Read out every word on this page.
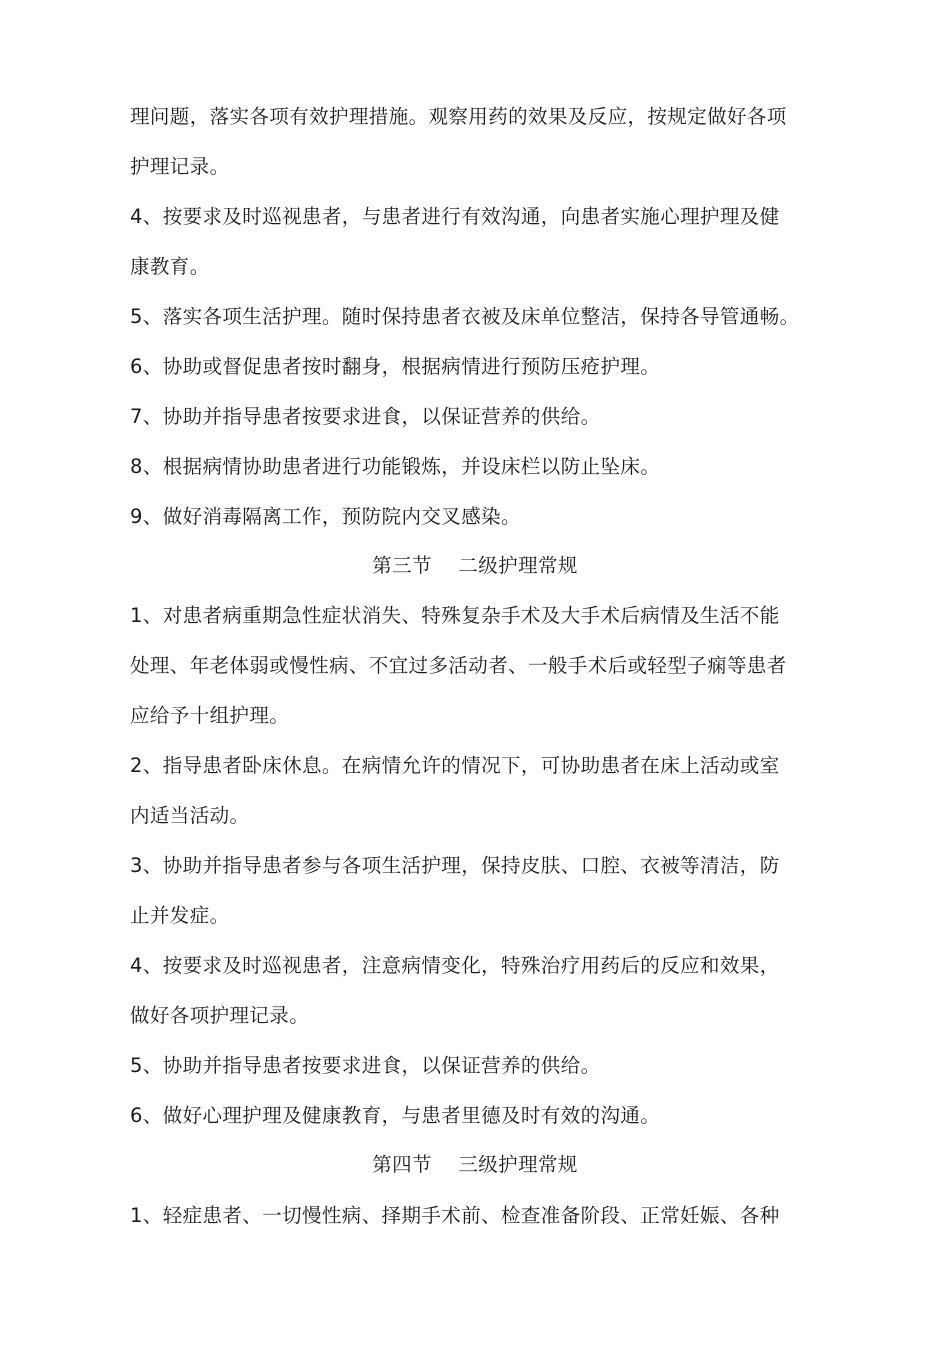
理问题，落实各项有效护理措施。观察用药的效果及反应，按规定做好各项
护理记录。
4、按要求及时巡视患者，与患者进行有效沟通，向患者实施心理护理及健
康教育。
5、落实各项生活护理。随时保持患者衣被及床单位整洁，保持各导管通畅。
6、协助或督促患者按时翻身，根据病情进行预防压疮护理。
7、协助并指导患者按要求进食，以保证营养的供给。
8、根据病情协助患者进行功能锻炼，并设床栏以防止坠床。
9、做好消毒隔离工作，预防院内交叉感染。
第三节　 二级护理常规
1、对患者病重期急性症状消失、特殊复杂手术及大手术后病情及生活不能
处理、年老体弱或慢性病、不宜过多活动者、一般手术后或轻型子痫等患者
应给予十组护理。
2、指导患者卧床休息。在病情允许的情况下，可协助患者在床上活动或室
内适当活动。
3、协助并指导患者参与各项生活护理，保持皮肤、口腔、衣被等清洁，防
止并发症。
4、按要求及时巡视患者，注意病情变化，特殊治疗用药后的反应和效果，
做好各项护理记录。
5、协助并指导患者按要求进食，以保证营养的供给。
6、做好心理护理及健康教育，与患者里德及时有效的沟通。
第四节　 三级护理常规
1、轻症患者、一切慢性病、择期手术前、检查准备阶段、正常妊娠、各种
